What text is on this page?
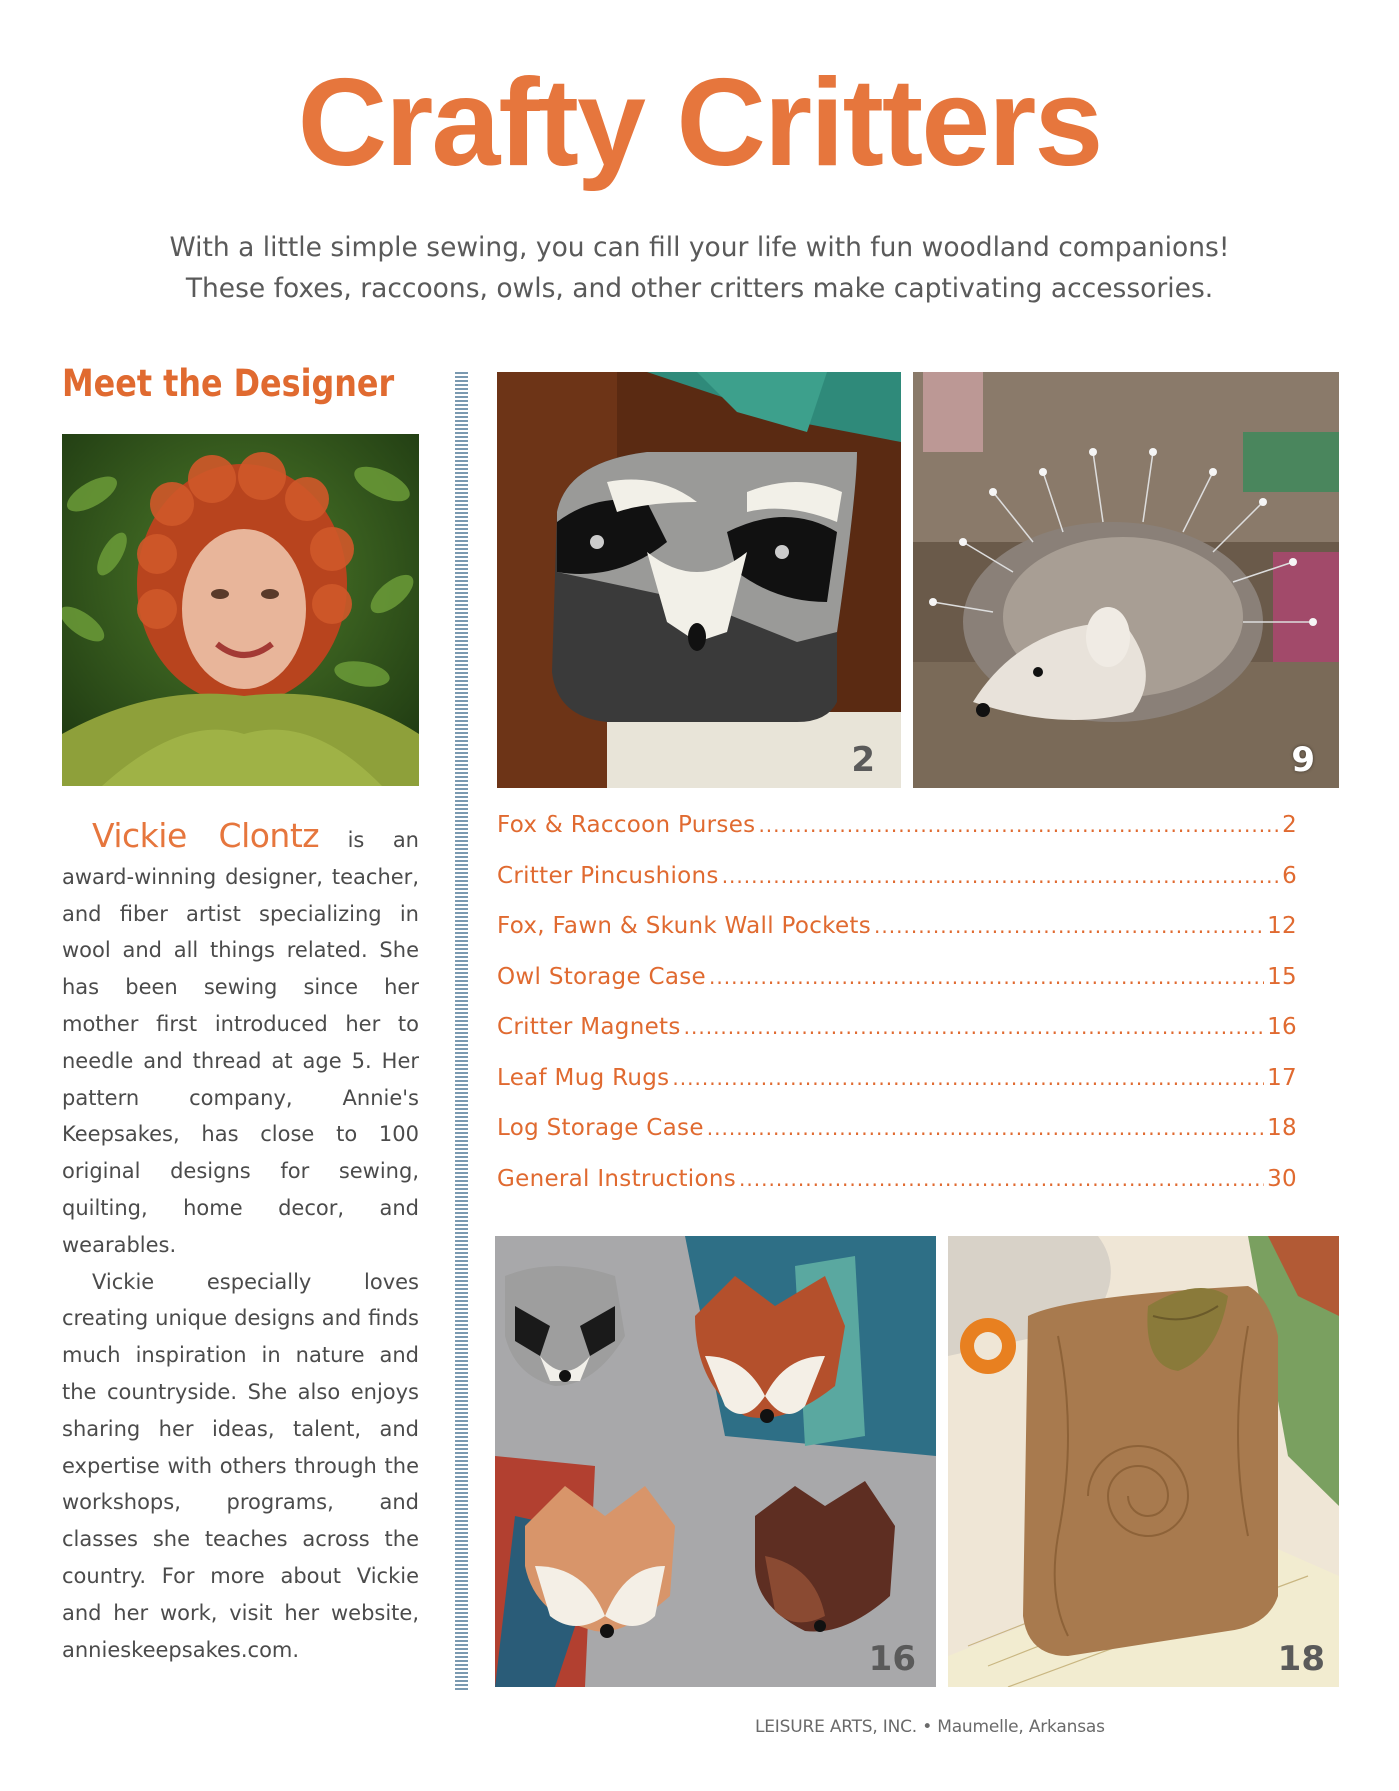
Crafty Critters

With a little simple sewing, you can fill your life with fun woodland companions!

These foxes, raccoons, owls, and other critters make captivating accessories.

Meet the Designer

Vickie Clontz is an award-winning designer, teacher, and fiber artist specializing in wool and all things related. She has been sewing since her mother first introduced her to needle and thread at age 5. Her pattern company, Annie's Keepsakes, has close to 100 original designs for sewing, quilting, home decor, and wearables.

Vickie especially loves creating unique designs and finds much inspiration in nature and the countryside. She also enjoys sharing her ideas, talent, and expertise with others through the workshops, programs, and classes she teaches across the country. For more about Vickie and her work, visit her website, annieskeepsakes.com.

2	9
Fox & Raccoon Purses .....	2
Critter Pincushions .....	6
Fox, Fawn & Skunk Wall Pockets .....	12
Owl Storage Case .....	15
Critter Magnets .....	16
Leaf Mug Rugs .....	17
Log Storage Case .....	18
General Instructions .....	30
16	18
LEISURE ARTS, INC. • Maumelle, Arkansas
